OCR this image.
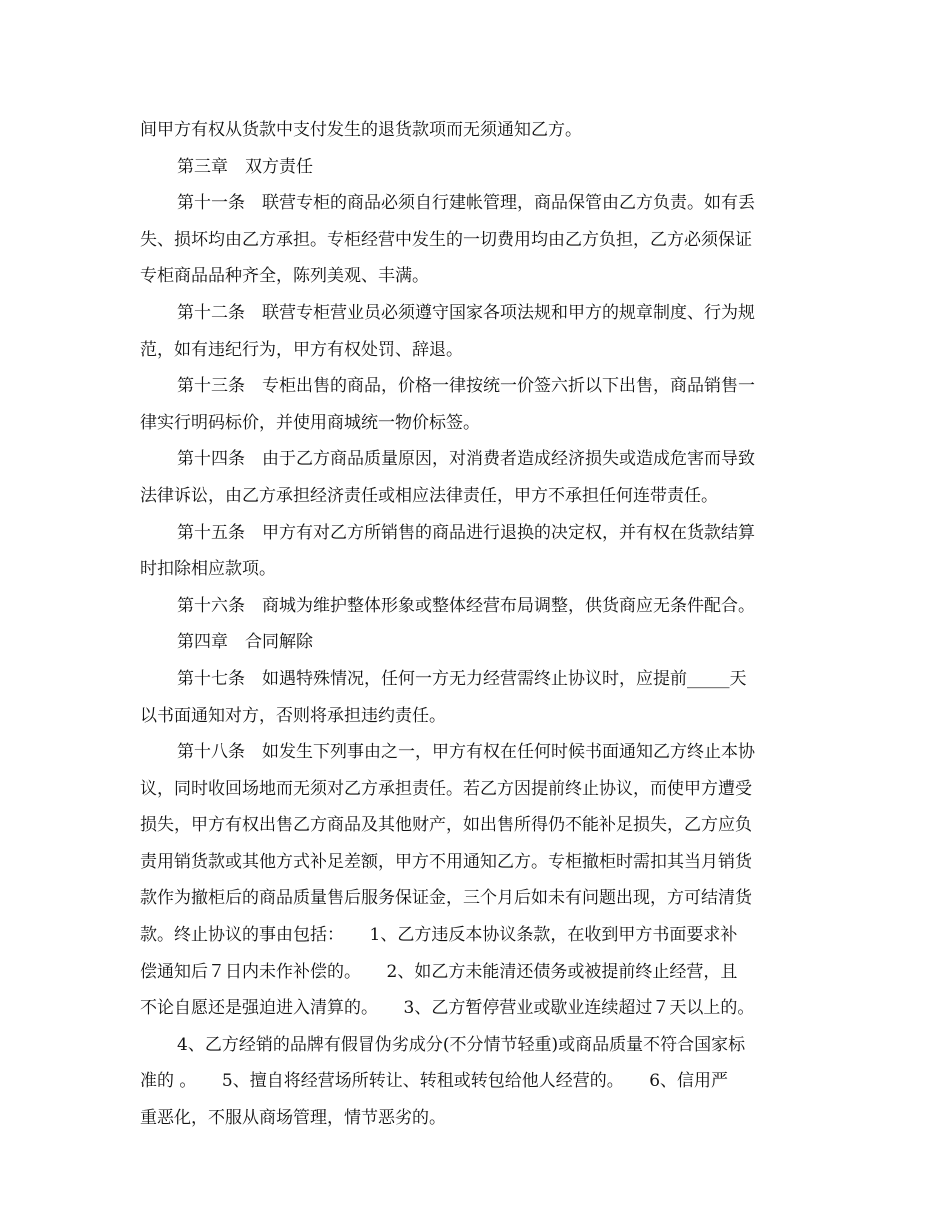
间甲方有权从货款中支付发生的退货款项而无须通知乙方。
第三章　双方责任
第十一条　联营专柜的商品必须自行建帐管理，商品保管由乙方负责。如有丢
失、损坏均由乙方承担。专柜经营中发生的一切费用均由乙方负担，乙方必须保证
专柜商品品种齐全，陈列美观、丰满。
第十二条　联营专柜营业员必须遵守国家各项法规和甲方的规章制度、行为规
范，如有违纪行为，甲方有权处罚、辞退。
第十三条　专柜出售的商品，价格一律按统一价签六折以下出售，商品销售一
律实行明码标价，并使用商城统一物价标签。
第十四条　由于乙方商品质量原因，对消费者造成经济损失或造成危害而导致
法律诉讼，由乙方承担经济责任或相应法律责任，甲方不承担任何连带责任。
第十五条　甲方有对乙方所销售的商品进行退换的决定权，并有权在货款结算
时扣除相应款项。
第十六条　商城为维护整体形象或整体经营布局调整，供货商应无条件配合。
第四章　合同解除
第十七条　如遇特殊情况，任何一方无力经营需终止协议时，应提前_____天
以书面通知对方，否则将承担违约责任。
第十八条　如发生下列事由之一，甲方有权在任何时候书面通知乙方终止本协
议，同时收回场地而无须对乙方承担责任。若乙方因提前终止协议，而使甲方遭受
损失，甲方有权出售乙方商品及其他财产，如出售所得仍不能补足损失，乙方应负
责用销货款或其他方式补足差额，甲方不用通知乙方。专柜撤柜时需扣其当月销货
款作为撤柜后的商品质量售后服务保证金，三个月后如未有问题出现，方可结清货
款。终止协议的事由包括：　　1、乙方违反本协议条款，在收到甲方书面要求补
偿通知后７日内未作补偿的。　　2、如乙方未能清还债务或被提前终止经营，且
不论自愿还是强迫进入清算的。　　3、乙方暂停营业或歇业连续超过７天以上的。
4、乙方经销的品牌有假冒伪劣成分(不分情节轻重)或商品质量不符合国家标
准的 。　　5、擅自将经营场所转让、转租或转包给他人经营的。　　6、信用严
重恶化，不服从商场管理，情节恶劣的。
